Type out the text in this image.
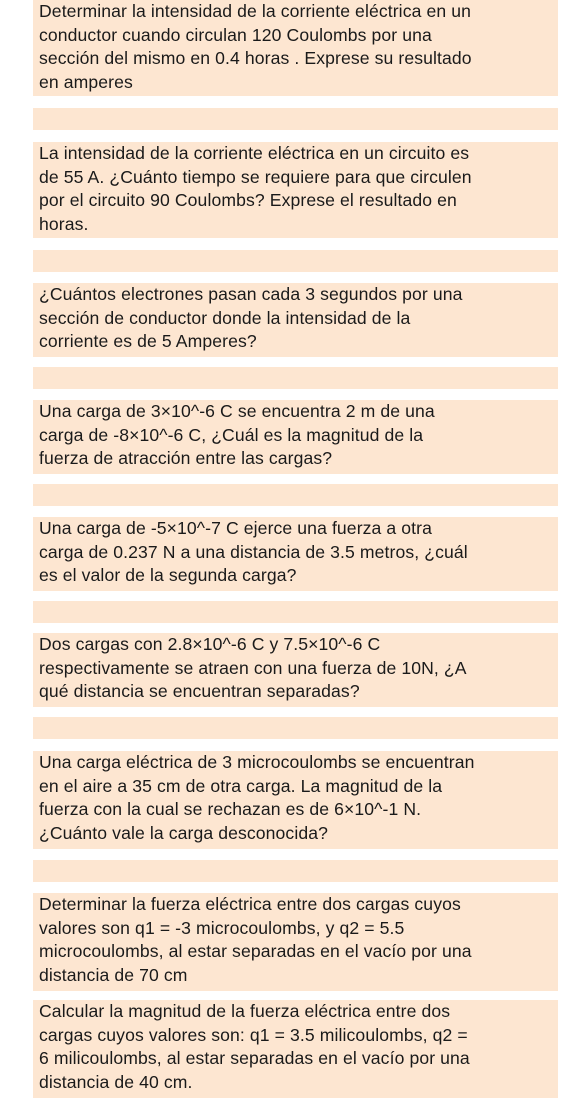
Determinar la intensidad de la corriente eléctrica en un
conductor cuando circulan 120 Coulombs por una
sección del mismo en 0.4 horas . Exprese su resultado
en amperes

La intensidad de la corriente eléctrica en un circuito es
de 55 A. ¿Cuánto tiempo se requiere para que circulen
por el circuito 90 Coulombs? Exprese el resultado en
horas.

¿Cuántos electrones pasan cada 3 segundos por una
sección de conductor donde la intensidad de la
corriente es de 5 Amperes?

Una carga de 3×10^-6 C se encuentra 2 m de una
carga de -8×10^-6 C, ¿Cuál es la magnitud de la
fuerza de atracción entre las cargas?

Una carga de -5×10^-7 C ejerce una fuerza a otra
carga de 0.237 N a una distancia de 3.5 metros, ¿cuál
es el valor de la segunda carga?

Dos cargas con 2.8×10^-6 C y 7.5×10^-6 C
respectivamente se atraen con una fuerza de 10N, ¿A
qué distancia se encuentran separadas?

Una carga eléctrica de 3 microcoulombs se encuentran
en el aire a 35 cm de otra carga. La magnitud de la
fuerza con la cual se rechazan es de 6×10^-1 N.
¿Cuánto vale la carga desconocida?

Determinar la fuerza eléctrica entre dos cargas cuyos
valores son q1 = -3 microcoulombs, y q2 = 5.5
microcoulombs, al estar separadas en el vacío por una
distancia de 70 cm

Calcular la magnitud de la fuerza eléctrica entre dos
cargas cuyos valores son: q1 = 3.5 milicoulombs, q2 =
6 milicoulombs, al estar separadas en el vacío por una
distancia de 40 cm.
